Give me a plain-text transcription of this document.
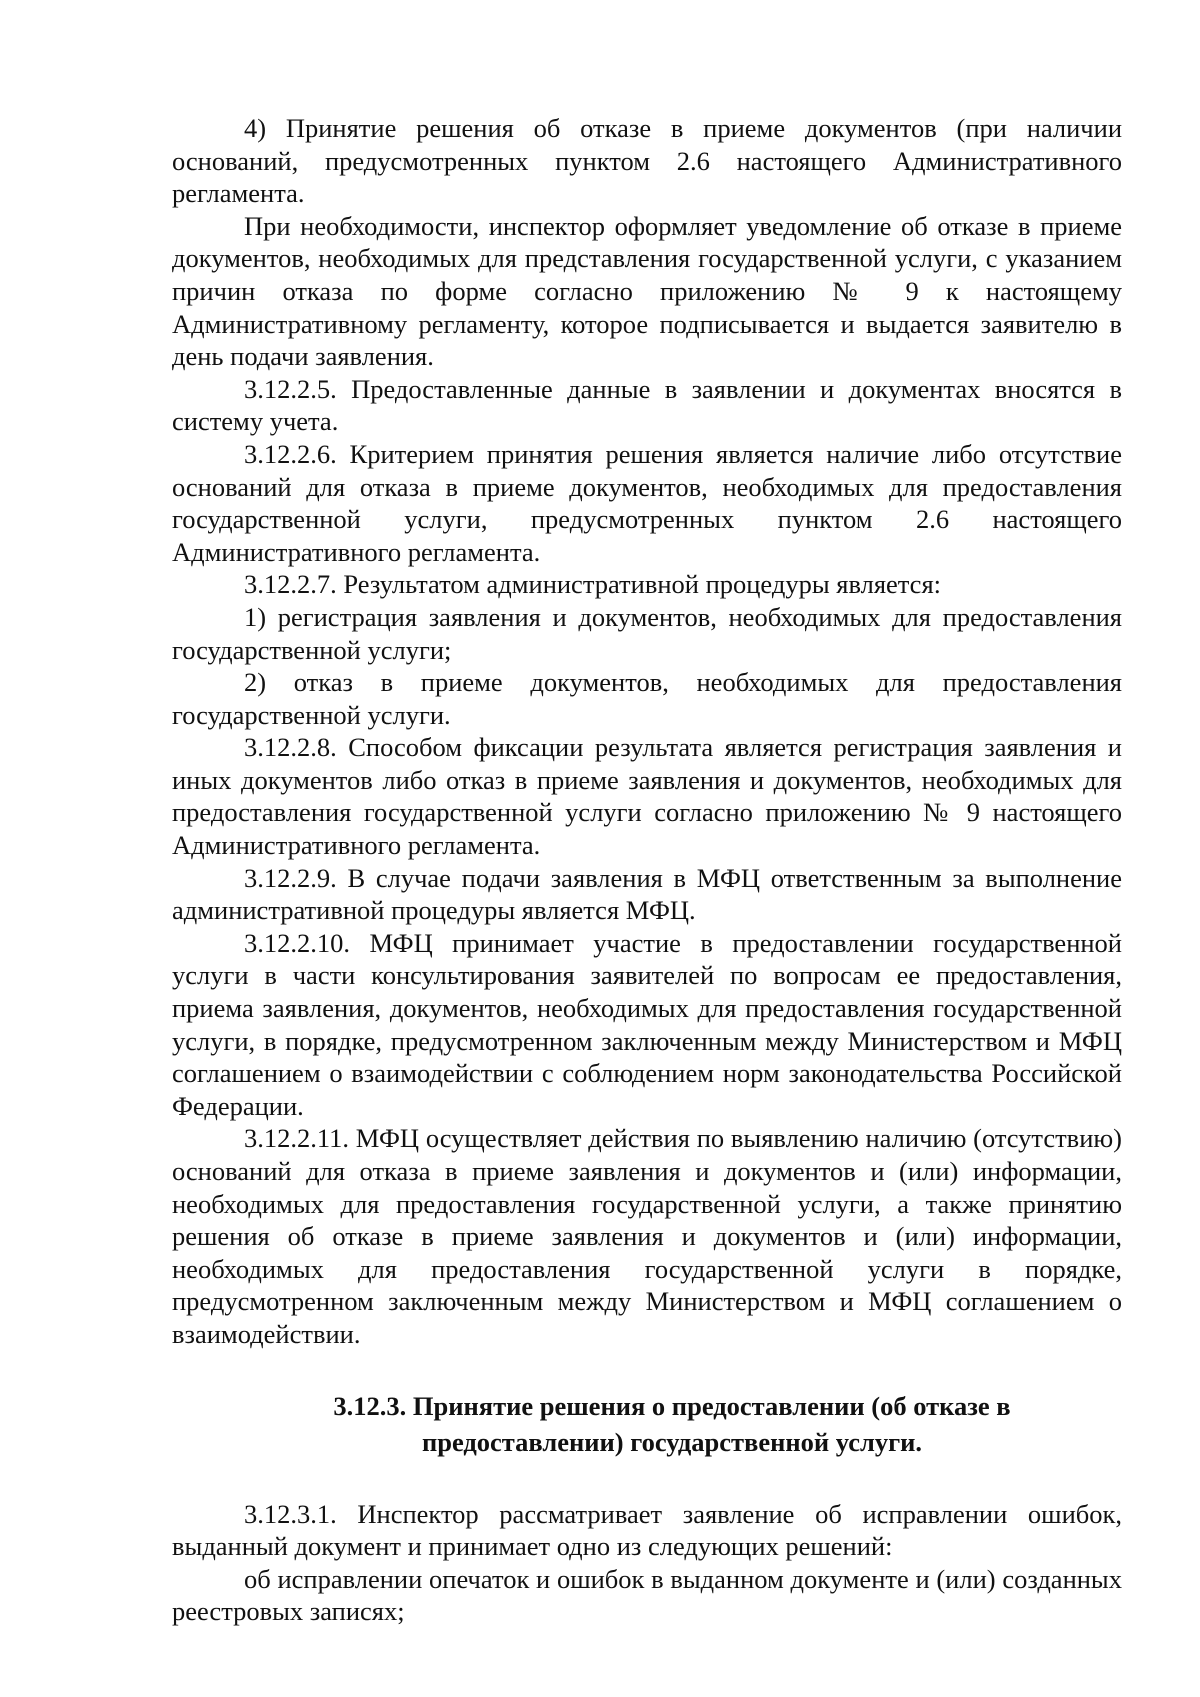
4) Принятие решения об отказе в приеме документов (при наличии оснований, предусмотренных пунктом 2.6 настоящего Административного регламента.

При необходимости, инспектор оформляет уведомление об отказе в приеме документов, необходимых для представления государственной услуги, с указанием причин отказа по форме согласно приложению № 9 к настоящему Административному регламенту, которое подписывается и выдается заявителю в день подачи заявления.

3.12.2.5. Предоставленные данные в заявлении и документах вносятся в систему учета.

3.12.2.6. Критерием принятия решения является наличие либо отсутствие оснований для отказа в приеме документов, необходимых для предоставления государственной услуги, предусмотренных пунктом 2.6 настоящего Административного регламента.

3.12.2.7. Результатом административной процедуры является:

1) регистрация заявления и документов, необходимых для предоставления государственной услуги;

2) отказ в приеме документов, необходимых для предоставления государственной услуги.

3.12.2.8. Способом фиксации результата является регистрация заявления и иных документов либо отказ в приеме заявления и документов, необходимых для предоставления государственной услуги согласно приложению № 9 настоящего Административного регламента.

3.12.2.9. В случае подачи заявления в МФЦ ответственным за выполнение административной процедуры является МФЦ.

3.12.2.10. МФЦ принимает участие в предоставлении государственной услуги в части консультирования заявителей по вопросам ее предоставления, приема заявления, документов, необходимых для предоставления государственной услуги, в порядке, предусмотренном заключенным между Министерством и МФЦ соглашением о взаимодействии с соблюдением норм законодательства Российской Федерации.

3.12.2.11. МФЦ осуществляет действия по выявлению наличию (отсутствию) оснований для отказа в приеме заявления и документов и (или) информации, необходимых для предоставления государственной услуги, а также принятию решения об отказе в приеме заявления и документов и (или) информации, необходимых для предоставления государственной услуги в порядке, предусмотренном заключенным между Министерством и МФЦ соглашением о взаимодействии.

3.12.3. Принятие решения о предоставлении (об отказе в предоставлении) государственной услуги.

3.12.3.1. Инспектор рассматривает заявление об исправлении ошибок, выданный документ и принимает одно из следующих решений:

об исправлении опечаток и ошибок в выданном документе и (или) созданных реестровых записях;
